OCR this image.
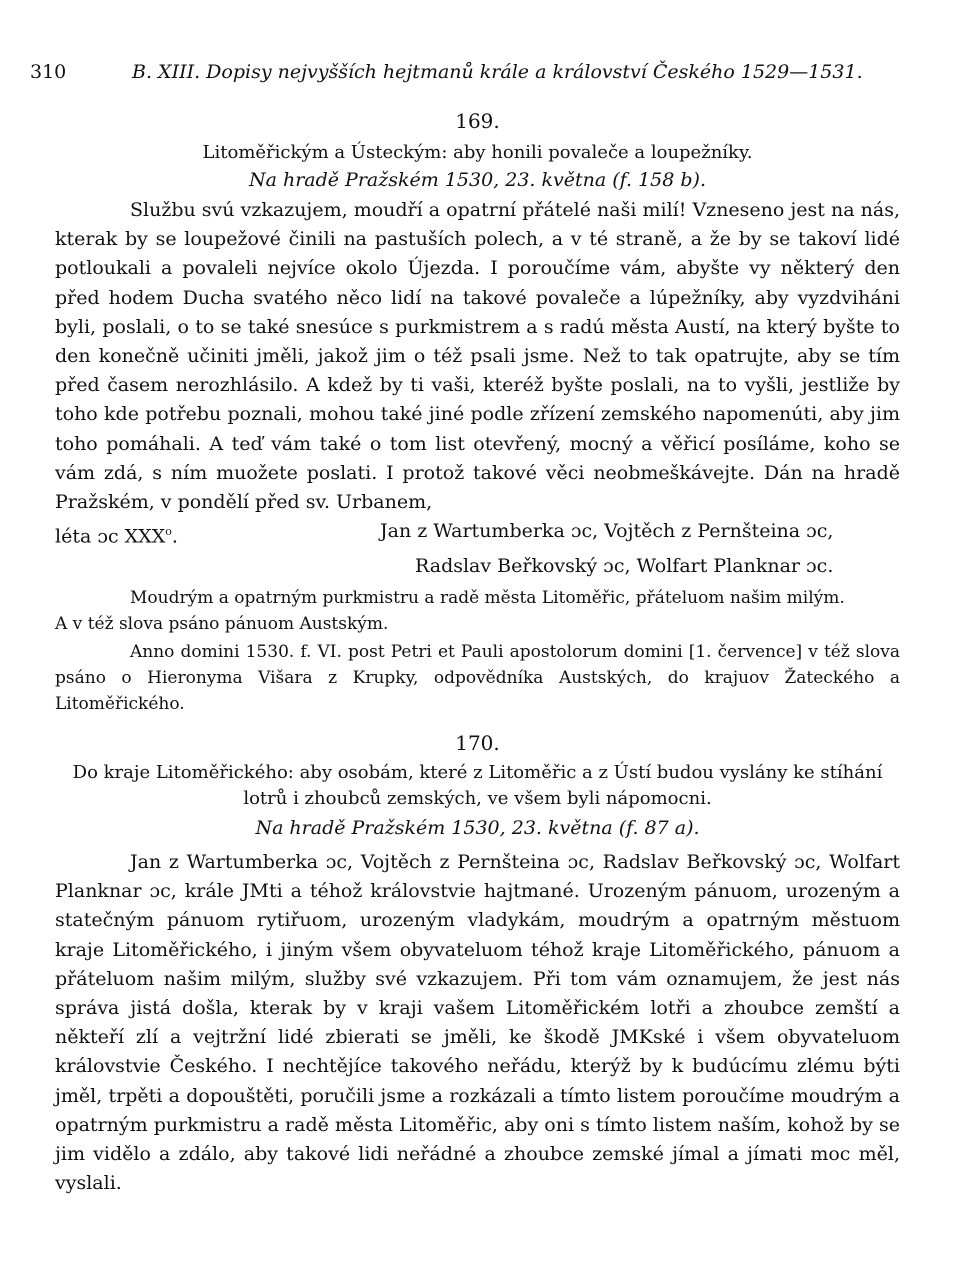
310	B. XIII. Dopisy nejvyšších hejtmanů krále a království Českého 1529—1531.
169.
Litoměřickým a Ústeckým: aby honili povaleče a loupežníky.
Na hradě Pražském 1530, 23. května (f. 158 b).

Službu svú vzkazujem, moudří a opatrní přátelé naši milí! Vzneseno jest na nás, kterak by se loupežové činili na pastuších polech, a v té straně, a že by se takoví lidé potloukali a povaleli nejvíce okolo Újezda. I poroučíme vám, abyšte vy některý den před hodem Ducha svatého něco lidí na takové povaleče a lúpežníky, aby vyzdviháni byli, poslali, o to se také snesúce s purkmistrem a s radú města Austí, na který byšte to den konečně učiniti jměli, jakož jim o též psali jsme. Než to tak opatrujte, aby se tím před časem nerozhlásilo. A kdež by ti vaši, kteréž byšte poslali, na to vyšli, jestliže by toho kde potřebu poznali, mohou také jiné podle zřízení zemského napomenúti, aby jim toho pomáhali. A teď vám také o tom list otevřený, mocný a věřicí posíláme, koho se vám zdá, s ním muožete poslati. I protož takové věci neobmeškávejte. Dán na hradě Pražském, v pondělí před sv. Urbanem,

léta ɔc XXX$^o$.	Jan z Wartumberka ɔc, Vojtěch z Pernšteina ɔc,
Radslav Beřkovský ɔc, Wolfart Planknar ɔc.
Moudrým a opatrným purkmistru a radě města Litoměřic, přáteluom našim milým.
A v též slova psáno pánuom Austským.
Anno domini 1530. f. VI. post Petri et Pauli apostolorum domini [1. července] v též slova psáno o Hieronyma Višara z Krupky, odpovědníka Austských, do krajuov Žateckého a Litoměřického.
170.
Do kraje Litoměřického: aby osobám, které z Litoměřic a z Ústí budou vyslány ke stíhání lotrů i zhoubců zemských, ve všem byli nápomocni.
Na hradě Pražském 1530, 23. května (f. 87 a).

Jan z Wartumberka ɔc, Vojtěch z Pernšteina ɔc, Radslav Beřkovský ɔc, Wolfart Planknar ɔc, krále JMti a téhož královstvie hajtmané. Urozeným pánuom, urozeným a statečným pánuom rytiřuom, urozeným vladykám, moudrým a opatrným městuom kraje Litoměřického, i jiným všem obyvateluom téhož kraje Litoměřického, pánuom a přáteluom našim milým, služby své vzkazujem. Při tom vám oznamujem, že jest nás správa jistá došla, kterak by v kraji vašem Litoměřickém lotři a zhoubce zemští a někteří zlí a vejtržní lidé zbierati se jměli, ke škodě JMKské i všem obyvateluom královstvie Českého. I nechtějíce takového neřádu, kterýž by k budúcímu zlému býti jměl, trpěti a dopouštěti, poručili jsme a rozkázali a tímto listem poroučíme moudrým a opatrným purkmistru a radě města Litoměřic, aby oni s tímto listem naším, kohož by se jim vidělo a zdálo, aby takové lidi neřádné a zhoubce zemské jímal a jímati moc měl, vyslali.
